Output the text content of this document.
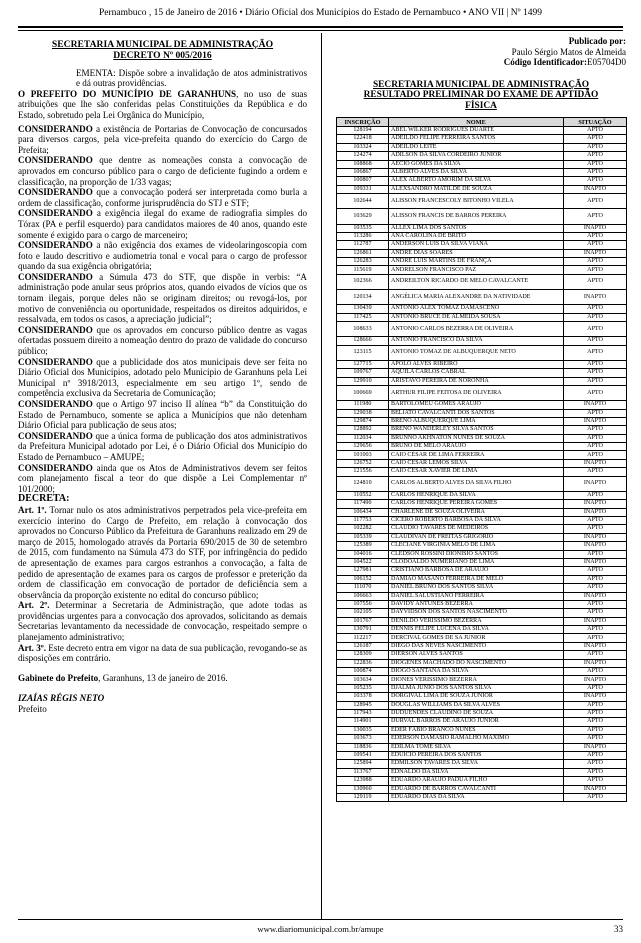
Pernambuco , 15 de Janeiro de 2016 • Diário Oficial dos Municípios do Estado de Pernambuco • ANO VII | Nº 1499
SECRETARIA MUNICIPAL DE ADMINISTRAÇÃO
DECRETO Nº 005/2016

EMENTA: Dispõe sobre a invalidação de atos administrativos e dá outras providências.

O PREFEITO DO MUNICÍPIO DE GARANHUNS, no uso de suas atribuições que lhe são conferidas pelas Constituições da República e do Estado, sobretudo pela Lei Orgânica do Município,

CONSIDERANDO a existência de Portarias de Convocação de concursados para diversos cargos, pela vice-prefeita quando do exercício do Cargo de Prefeita;

CONSIDERANDO que dentre as nomeações consta a convocação de aprovados em concurso público para o cargo de deficiente fugindo a ordem e classificação, na proporção de 1/33 vagas;

CONSIDERANDO que a convocação poderá ser interpretada como burla a ordem de classificação, conforme jurisprudência do STJ e STF;

CONSIDERANDO a exigência ilegal do exame de radiografia simples do Tórax (PA e perfil esquerdo) para candidatos maiores de 40 anos, quando este somente é exigido para o cargo de marceneiro;

CONSIDERANDO a não exigência dos exames de videolaringoscopia com foto e laudo descritivo e audiometria tonal e vocal para o cargo de professor quando da sua exigência obrigatória;

CONSIDERANDO a Súmula 473 do STF, que dispõe in verbis: “A administração pode anular seus próprios atos, quando eivados de vícios que os tornam ilegais, porque deles não se originam direitos; ou revogá-los, por motivo de conveniência ou oportunidade, respeitados os direitos adquiridos, e ressalvada, em todos os casos, a apreciação judicial”;

CONSIDERANDO que os aprovados em concurso público dentre as vagas ofertadas possuem direito a nomeação dentro do prazo de validade do concurso público;

CONSIDERANDO que a publicidade dos atos municipais deve ser feita no Diário Oficial dos Municípios, adotado pelo Município de Garanhuns pela Lei Municipal nº 3918/2013, especialmente em seu artigo 1º, sendo de competência exclusiva da Secretaria de Comunicação;

CONSIDERANDO que o Artigo 97 inciso II alínea “b” da Constituição do Estado de Pernambuco, somente se aplica a Municípios que não detenham Diário Oficial para publicação de seus atos;

CONSIDERANDO que a única forma de publicação dos atos administrativos da Prefeitura Municipal adotado por Lei, é o Diário Oficial dos Município do Estado de Pernambuco – AMUPE;

CONSIDERANDO ainda que os Atos de Administrativos devem ser feitos com planejamento fiscal a teor do que dispõe a Lei Complementar nº 101/2000;

DECRETA:

Art. 1º. Tornar nulo os atos administrativos perpetrados pela vice-prefeita em exercício interino do Cargo de Prefeito, em relação à convocação dos aprovados no Concurso Público da Prefeitura de Garanhuns realizado em 29 de março de 2015, homologado através da Portaria 690/2015 de 30 de setembro de 2015, com fundamento na Súmula 473 do STF, por infringência do pedido de apresentação de exames para cargos estranhos a convocação, a falta de pedido de apresentação de exames para os cargos de professor e preterição da ordem de classificação em convocação de portador de deficiência sem a observância da proporção existente no edital do concurso público;

Art. 2º. Determinar a Secretaria de Administração, que adote todas as providências urgentes para a convocação dos aprovados, solicitando as demais Secretarias levantamento da necessidade de convocação, respeitado sempre o planejamento administrativo;

Art. 3º. Este decreto entra em vigor na data de sua publicação, revogando-se as disposições em contrário.

Gabinete do Prefeito, Garanhuns, 13 de janeiro de 2016.

IZAÍAS RÉGIS NETO

Prefeito

Publicado por:
Paulo Sérgio Matos de Almeida
Código Identificador:E05704D0
SECRETARIA MUNICIPAL DE ADMINISTRAÇÃO
RESULTADO PRELIMINAR DO EXAME DE APTIDÃO
FÍSICA
INSCRIÇÃO	NOME	SITUAÇÃO
128194	ABEL WILKER RODRIGUES DUARTE	APTO
122418	ADEILDO FELIPE FERREIRA SANTOS	APTO
103324	ADEILDO LEITE	APTO
124274	ADILSON DA SILVA CORDEIRO JUNIOR	APTO
108868	AÉCIO GOMES DA SILVA	APTO
106867	ALBERTO ALVES DA SILVA	APTO
100807	ALEX ALBERTO AMORIM DA SILVA	APTO
109331	ALEXSANDRO MATILDE DE SOUZA	INAPTO
102644	ALISSON FRANCESCOLY BITONHO VILELA	APTO
103629	ALISSON FRANCIS DE BARROS PEREIRA	APTO
103535	ALLEX LIMA DOS SANTOS	INAPTO
113286	ANA CAROLINA DE BRITO	APTO
112787	ANDERSON LUIS DA SILVA VIANA	APTO
126861	ANDRÉ DIAS SOARES	INAPTO
126283	ANDRÉ LUIS MARTINS DE FRANÇA	APTO
115619	ANDRELSON FRANCISCO PAZ	APTO
102366	ANDREILTON RICARDO DE MELO CAVALCANTE	APTO
120134	ANGÉLICA MARIA ALEXANDRE DA NATIVIDADE	INAPTO
130439	ANTONIO ALEX TOMAZ DAMASCENO	APTO
117425	ANTONIO BRUCE DE ALMEIDA SOUSA	APTO
108633	ANTONIO CARLOS BEZERRA DE OLIVEIRA	APTO
128666	ANTONIO FRANCISCO DA SILVA	APTO
123115	ANTONIO TOMAZ DE ALBUQUERQUE NETO	APTO
127715	APOLO ALVES RIBEIRO	APTO
109767	AQUILA CARLOS CABRAL	APTO
129910	ARISTAVO PEREIRA DE NORONHA	APTO
100669	ARTHUR FILIPE FEITOSA DE OLIVEIRA	APTO
111980	BARTOLOMEU GOMES ARAUJO	INAPTO
129038	BELIATO CAVALCANTI DOS SANTOS	APTO
129874	BRENO ALBUQUERQUE LIMA	INAPTO
128892	BRENO WANDERLEY SILVA SANTOS	APTO
112034	BRUNNO AKHNATON NUNES DE SOUZA	APTO
129656	BRUNO DE MELO ARAUJO	APTO
101003	CAIO CÉSAR DE LIMA FERREIRA	APTO
126752	CAIO CÉSAR LEMOS SILVA	INAPTO
121556	CAIO CÉSAR XAVIER DE LIMA	APTO
124810	CARLOS ALBERTO ALVES DA SILVA FILHO	INAPTO
110552	CARLOS HENRIQUE DA SILVA	APTO
117490	CARLOS HENRIQUE PEREIRA GOMES	INAPTO
106434	CHARLENE DE SOUZA OLIVEIRA	INAPTO
117753	CÍCERO ROBERTO BARBOSA DA SILVA	APTO
102282	CLAUDIO TAVARES DE MEDEIROS	APTO
105339	CLAUDIVAN DE FREITAS GRIGÓRIO	INAPTO
125389	CLECIANE VIRGINIA MELO DE LIMA	INAPTO
104016	CLEDSON ROSSINI DIONÍSIO SANTOS	APTO
104522	CLODOALDO NUMERIANO DE LIMA	INAPTO
127981	CRISTIANO BARBOSA DE ARAÚJO	APTO
106152	DAMIÃO MASANO FERREIRA DE MELO	APTO
111070	DANIEL BRUNO DOS SANTOS SILVA	APTO
106663	DANIEL SALUSTIANO FERREIRA	INAPTO
107556	DAVIDY ANTUNES BEZERRA	APTO
102105	DAYVIDSON DOS SANTOS NASCIMENTO	APTO
101767	DENILDO VERISSIMO BEZERRA	INAPTO
130791	DENNIS FELIPE LUCENA DA SILVA	APTO
112217	DERCIVAL GOMES DE SA JUNIOR	APTO
126187	DIEGO DAS NEVES NASCIMENTO	INAPTO
128309	DIERSON ALVES SANTOS	APTO
122836	DIOGENES MACHADO DO NASCIMENTO	INAPTO
100874	DIOGO SANTANA DA SILVA	APTO
103634	DIONES VERISSIMO BEZERRA	INAPTO
105235	DJALMA JÚNIO DOS SANTOS SILVA	APTO
103378	DORGIVAL LIMA DE SOUZA JUNIOR	INAPTO
128945	DOUGLAS WILLIAMS DA SILVA ALVES	APTO
117943	DUDUENDES CLAUDINO DE SOUZA	APTO
114901	DURVAL BARROS DE ARAUJO JUNIOR	APTO
130035	EDER FÁBIO BRANCO NUNES	APTO
103673	EDERSON DAMASIO RAMALHO MÁXIMO	APTO
118836	EDILMA TOMÉ SILVA	INAPTO
109541	EDUÍCIO PEREIRA DOS SANTOS	APTO
125894	EDMILSON TAVARES DA SILVA	APTO
113767	EDNALDO DA SILVA	APTO
123988	EDUARDO ARAÚJO PADUA FILHO	APTO
130960	EDUARDO DE BARROS CAVALCANTI	INAPTO
129119	EDUARDO DIAS DA SILVA	APTO
www.diariomunicipal.com.br/amupe	33
